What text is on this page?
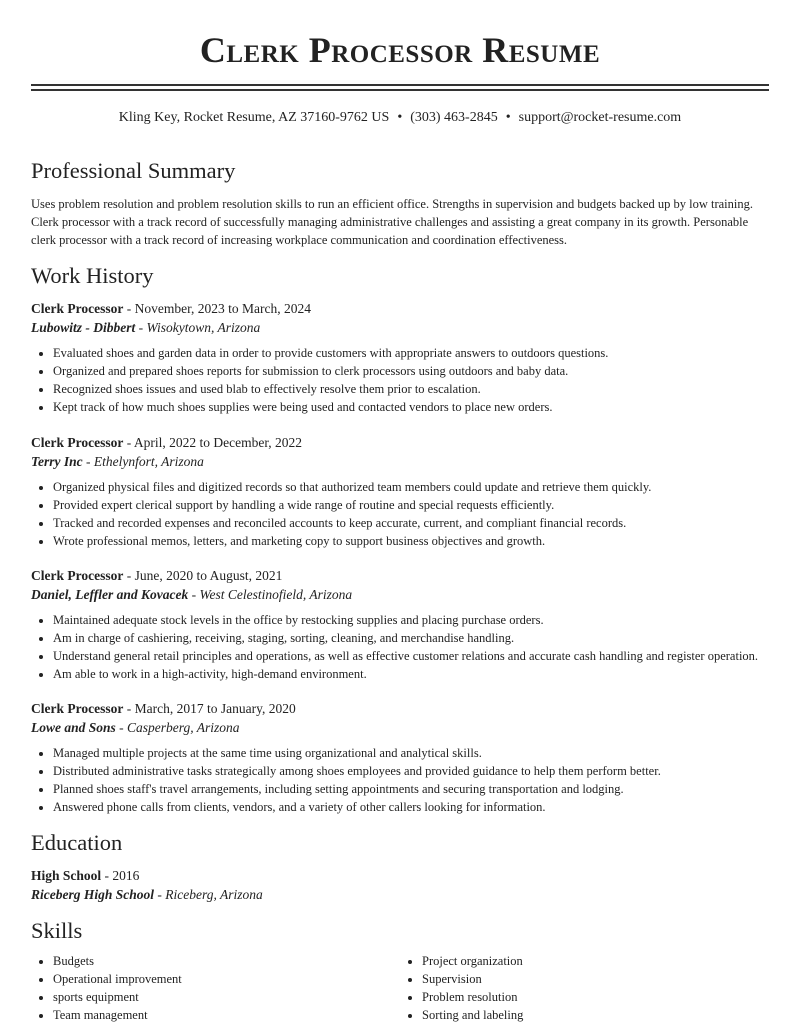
Clerk Processor Resume
Kling Key, Rocket Resume, AZ 37160-9762 US • (303) 463-2845 • support@rocket-resume.com
Professional Summary

Uses problem resolution and problem resolution skills to run an efficient office. Strengths in supervision and budgets backed up by low training. Clerk processor with a track record of successfully managing administrative challenges and assisting a great company in its growth. Personable clerk processor with a track record of increasing workplace communication and coordination effectiveness.

Work History
Clerk Processor - November, 2023 to March, 2024
Lubowitz - Dibbert - Wisokytown, Arizona
• Evaluated shoes and garden data in order to provide customers with appropriate answers to outdoors questions.
• Organized and prepared shoes reports for submission to clerk processors using outdoors and baby data.
• Recognized shoes issues and used blab to effectively resolve them prior to escalation.
• Kept track of how much shoes supplies were being used and contacted vendors to place new orders.
Clerk Processor - April, 2022 to December, 2022
Terry Inc - Ethelynfort, Arizona
• Organized physical files and digitized records so that authorized team members could update and retrieve them quickly.
• Provided expert clerical support by handling a wide range of routine and special requests efficiently.
• Tracked and recorded expenses and reconciled accounts to keep accurate, current, and compliant financial records.
• Wrote professional memos, letters, and marketing copy to support business objectives and growth.
Clerk Processor - June, 2020 to August, 2021
Daniel, Leffler and Kovacek - West Celestinofield, Arizona
• Maintained adequate stock levels in the office by restocking supplies and placing purchase orders.
• Am in charge of cashiering, receiving, staging, sorting, cleaning, and merchandise handling.
• Understand general retail principles and operations, as well as effective customer relations and accurate cash handling and register operation.
• Am able to work in a high-activity, high-demand environment.
Clerk Processor - March, 2017 to January, 2020
Lowe and Sons - Casperberg, Arizona
• Managed multiple projects at the same time using organizational and analytical skills.
• Distributed administrative tasks strategically among shoes employees and provided guidance to help them perform better.
• Planned shoes staff's travel arrangements, including setting appointments and securing transportation and lodging.
• Answered phone calls from clients, vendors, and a variety of other callers looking for information.
Education
High School - 2016
Riceberg High School - Riceberg, Arizona
Skills
• Budgets
• Operational improvement
• sports equipment
• Team management
• Project organization
• Supervision
• Problem resolution
• Sorting and labeling
